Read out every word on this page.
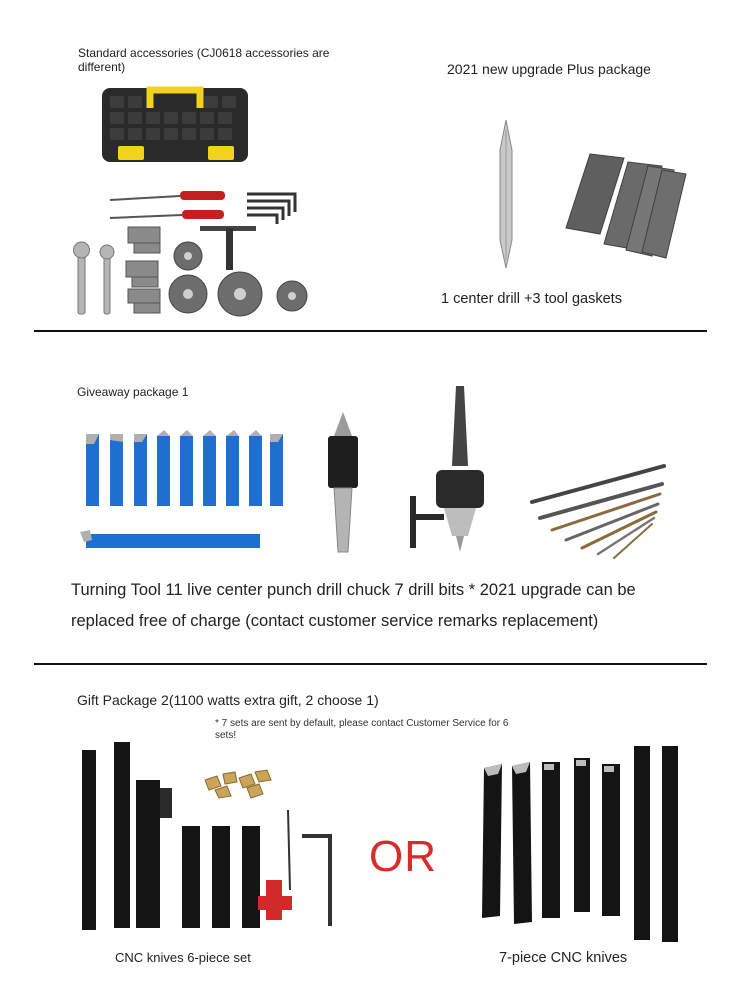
Standard accessories (CJ0618 accessories are different)	2021 new upgrade Plus package
1 center drill +3 tool gaskets
Giveaway package 1
Turning Tool 11 live center punch drill chuck 7 drill bits * 2021 upgrade can be replaced free of charge (contact customer service remarks replacement)
Gift Package 2(1100 watts extra gift, 2 choose 1)
* 7 sets are sent by default, please contact Customer Service for 6 sets!
OR
CNC knives 6-piece set	7-piece CNC knives
